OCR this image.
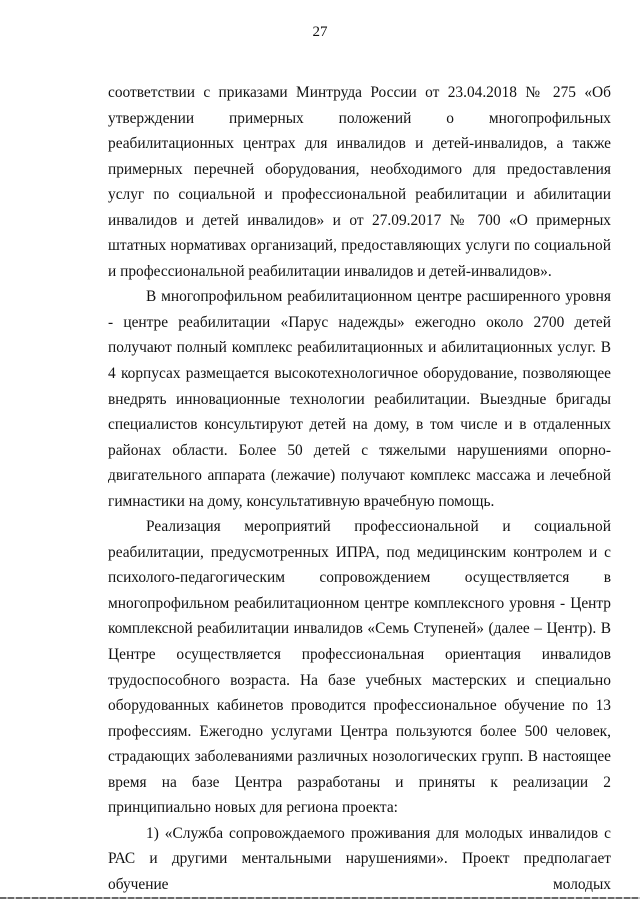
27

соответствии с приказами Минтруда России от 23.04.2018 № 275 «Об утверждении примерных положений о многопрофильных реабилитационных центрах для инвалидов и детей-инвалидов, а также примерных перечней оборудования, необходимого для предоставления услуг по социальной и профессиональной реабилитации и абилитации инвалидов и детей инвалидов» и от 27.09.2017 № 700 «О примерных штатных нормативах организаций, предоставляющих услуги по социальной и профессиональной реабилитации инвалидов и детей-инвалидов».

В многопрофильном реабилитационном центре расширенного уровня - центре реабилитации «Парус надежды» ежегодно около 2700 детей получают полный комплекс реабилитационных и абилитационных услуг. В 4 корпусах размещается высокотехнологичное оборудование, позволяющее внедрять инновационные технологии реабилитации. Выездные бригады специалистов консультируют детей на дому, в том числе и в отдаленных районах области. Более 50 детей с тяжелыми нарушениями опорно-двигательного аппарата (лежачие) получают комплекс массажа и лечебной гимнастики на дому, консультативную врачебную помощь.

Реализация мероприятий профессиональной и социальной реабилитации, предусмотренных ИПРА, под медицинским контролем и с психолого-педагогическим сопровождением осуществляется в многопрофильном реабилитационном центре комплексного уровня - Центр комплексной реабилитации инвалидов «Семь Ступеней» (далее – Центр). В Центре осуществляется профессиональная ориентация инвалидов трудоспособного возраста. На базе учебных мастерских и специально оборудованных кабинетов проводится профессиональное обучение по 13 профессиям. Ежегодно услугами Центра пользуются более 500 человек, страдающих заболеваниями различных нозологических групп. В настоящее время на базе Центра разработаны и приняты к реализации 2 принципиально новых для региона проекта:

1) «Служба сопровождаемого проживания для молодых инвалидов с РАС и другими ментальными нарушениями». Проект предполагает обучение молодых
